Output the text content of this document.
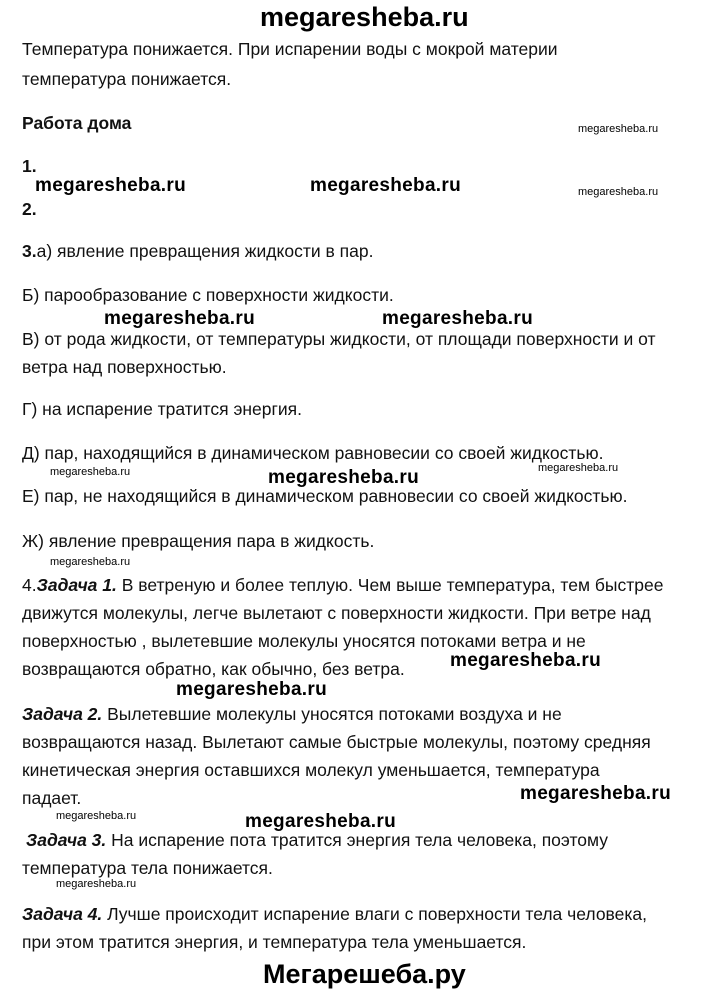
megaresheba.ru
Температура понижается. При испарении воды с мокрой материи
температура понижается.
Работа дома	megaresheba.ru
1.
megaresheba.ru	megaresheba.ru	megaresheba.ru
2.
3.а) явление превращения жидкости в пар.
Б) парообразование с поверхности жидкости.
megaresheba.ru	megaresheba.ru
В) от рода жидкости, от температуры жидкости, от площади поверхности и от
ветра над поверхностью.
Г) на испарение тратится энергия.
Д) пар, находящийся в динамическом равновесии со своей жидкостью.
megaresheba.ru	megaresheba.ru	megaresheba.ru
Е) пар, не находящийся в динамическом равновесии со своей жидкостью.
Ж) явление превращения пара в жидкость.
megaresheba.ru
4.Задача 1. В ветреную и более теплую. Чем выше температура, тем быстрее
движутся молекулы, легче вылетают с поверхности жидкости. При ветре над
поверхностью , вылетевшие молекулы уносятся потоками ветра и не
возвращаются обратно, как обычно, без ветра. megaresheba.ru
megaresheba.ru
Задача 2. Вылетевшие молекулы уносятся потоками воздуха и не
возвращаются назад. Вылетают самые быстрые молекулы, поэтому средняя
кинетическая энергия оставшихся молекул уменьшается, температура
падает.	megaresheba.ru
megaresheba.ru	megaresheba.ru
Задача 3. На испарение пота тратится энергия тела человека, поэтому
температура тела понижается.
megaresheba.ru
Задача 4. Лучше происходит испарение влаги с поверхности тела человека,
при этом тратится энергия, и температура тела уменьшается.
Мегарешеба.ру
